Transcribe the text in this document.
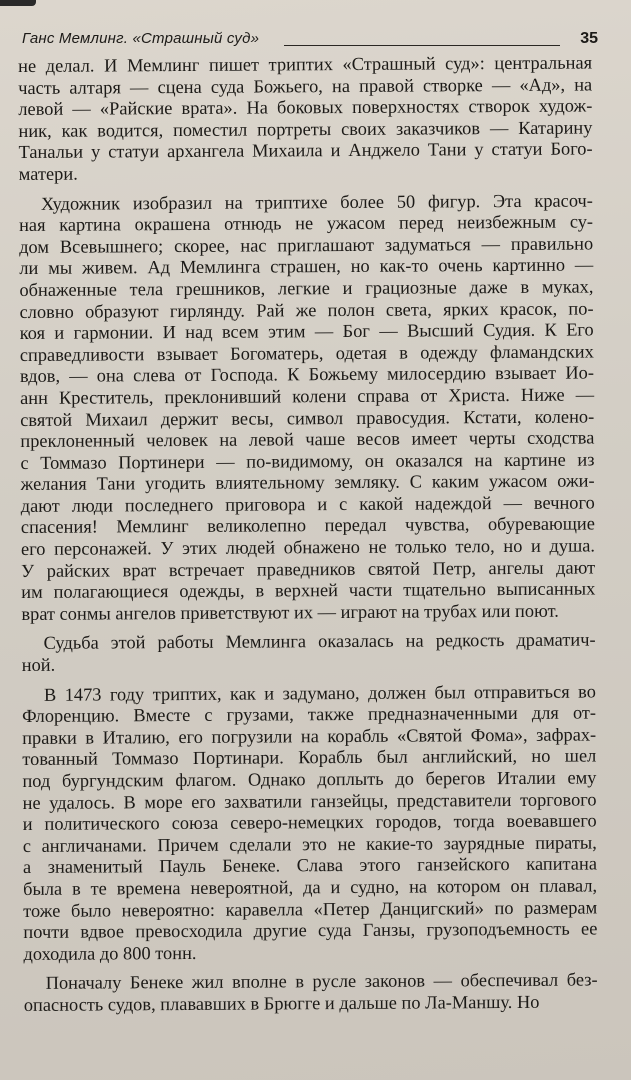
Ганс Мемлинг. «Страшный суд»	35
не делал. И Мемлинг пишет триптих «Страшный суд»: центральная
часть алтаря — сцена суда Божьего, на правой створке — «Ад», на
левой — «Райские врата». На боковых поверхностях створок худож-
ник, как водится, поместил портреты своих заказчиков — Катарину
Танальи у статуи архангела Михаила и Анджело Тани у статуи Бого-
матери.
Художник изобразил на триптихе более 50 фигур. Эта красоч-
ная картина окрашена отнюдь не ужасом перед неизбежным су-
дом Всевышнего; скорее, нас приглашают задуматься — правильно
ли мы живем. Ад Мемлинга страшен, но как-то очень картинно —
обнаженные тела грешников, легкие и грациозные даже в муках,
словно образуют гирлянду. Рай же полон света, ярких красок, по-
коя и гармонии. И над всем этим — Бог — Высший Судия. К Его
справедливости взывает Богоматерь, одетая в одежду фламандских
вдов, — она слева от Господа. К Божьему милосердию взывает Ио-
анн Креститель, преклонивший колени справа от Христа. Ниже —
святой Михаил держит весы, символ правосудия. Кстати, колено-
преклоненный человек на левой чаше весов имеет черты сходства
с Томмазо Портинери — по-видимому, он оказался на картине из
желания Тани угодить влиятельному земляку. С каким ужасом ожи-
дают люди последнего приговора и с какой надеждой — вечного
спасения! Мемлинг великолепно передал чувства, обуревающие
его персонажей. У этих людей обнажено не только тело, но и душа.
У райских врат встречает праведников святой Петр, ангелы дают
им полагающиеся одежды, в верхней части тщательно выписанных
врат сонмы ангелов приветствуют их — играют на трубах или поют.
Судьба этой работы Мемлинга оказалась на редкость драматич-
ной.
В 1473 году триптих, как и задумано, должен был отправиться во
Флоренцию. Вместе с грузами, также предназначенными для от-
правки в Италию, его погрузили на корабль «Святой Фома», зафрах-
тованный Томмазо Портинари. Корабль был английский, но шел
под бургундским флагом. Однако доплыть до берегов Италии ему
не удалось. В море его захватили ганзейцы, представители торгового
и политического союза северо-немецких городов, тогда воевавшего
с англичанами. Причем сделали это не какие-то заурядные пираты,
а знаменитый Пауль Бенеке. Слава этого ганзейского капитана
была в те времена невероятной, да и судно, на котором он плавал,
тоже было невероятно: каравелла «Петер Данцигский» по размерам
почти вдвое превосходила другие суда Ганзы, грузоподъемность ее
доходила до 800 тонн.
Поначалу Бенеке жил вполне в русле законов — обеспечивал без-
опасность судов, плававших в Брюгге и дальше по Ла-Маншу. Но
